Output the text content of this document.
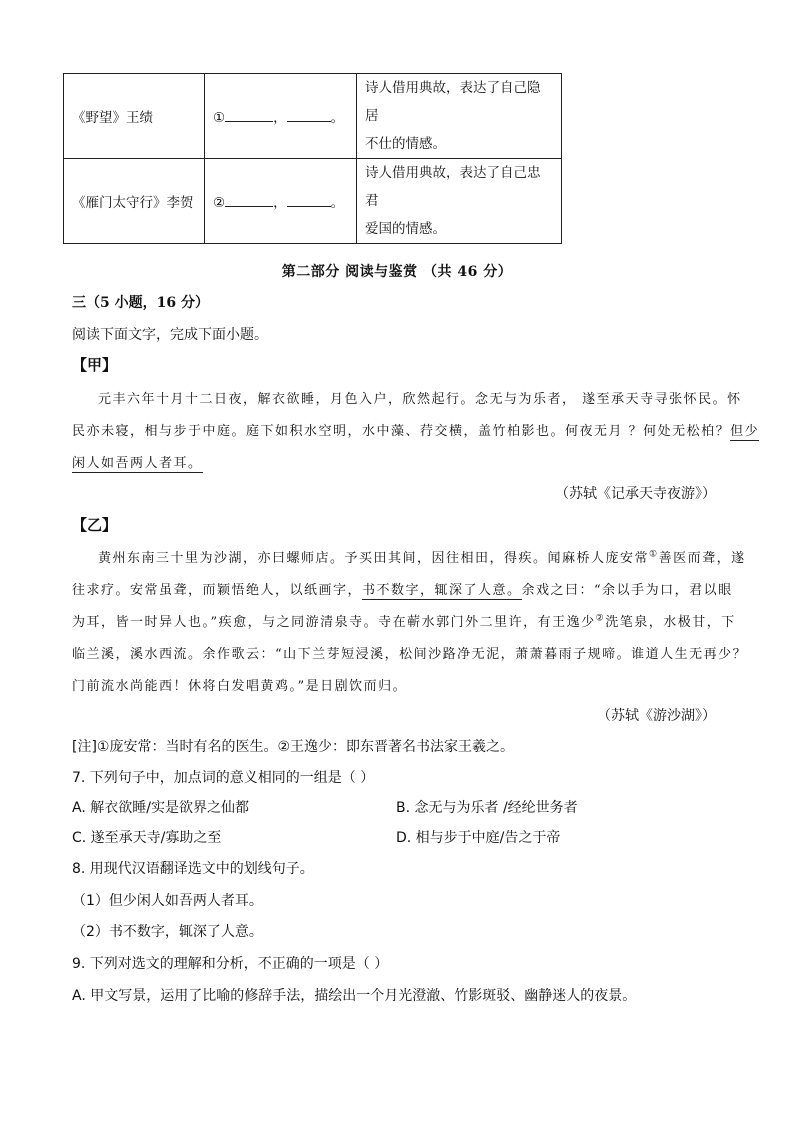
《野望》王绩	① ， 。	诗人借用典故，表达了自己隐居
不仕的情感。

《雁门太守行》李贺	② ， 。	诗人借用典故，表达了自己忠君
爱国的情感。
第二部分 阅读与鉴赏 （共 46 分）
三（5 小题，16 分）
阅读下面文字，完成下面小题。
【甲】
元丰六年十月十二日夜，解衣欲睡，月色入户，欣然起行。念无与为乐者， 遂至承天寺寻张怀民。怀
民亦未寝，相与步于中庭。庭下如积水空明，水中藻、荇交横，盖竹柏影也。何夜无月 ？何处无松柏？但少
闲人如吾两人者耳。
（苏轼《记承天寺夜游》）
【乙】
黄州东南三十里为沙湖，亦曰螺师店。予买田其间，因往相田，得疾。闻麻桥人庞安常①善医而聋，遂
往求疗。安常虽聋，而颖悟绝人，以纸画字，书不数字，辄深了人意。余戏之曰：“余以手为口，君以眼
为耳，皆一时异人也。”疾愈，与之同游清泉寺。寺在蕲水郭门外二里许，有王逸少②洗笔泉，水极甘，下
临兰溪，溪水西流。余作歌云：“山下兰芽短浸溪，松间沙路净无泥，萧萧暮雨子规啼。谁道人生无再少？
门前流水尚能西！休将白发唱黄鸡。”是日剧饮而归。
（苏轼《游沙湖》）
[注]①庞安常：当时有名的医生。②王逸少：即东晋著名书法家王羲之。
7. 下列句子中，加点词的意义相同的一组是（ ）
A. 解衣欲睡/实是欲界之仙都	B. 念无与为乐者 /经纶世务者
C. 遂至承天寺/寡助之至	D. 相与步于中庭/告之于帝
8. 用现代汉语翻译选文中的划线句子。
（1）但少闲人如吾两人者耳。
（2）书不数字，辄深了人意。
9. 下列对选文的理解和分析，不正确的一项是（ ）
A. 甲文写景，运用了比喻的修辞手法，描绘出一个月光澄澈、竹影斑驳、幽静迷人的夜景。
